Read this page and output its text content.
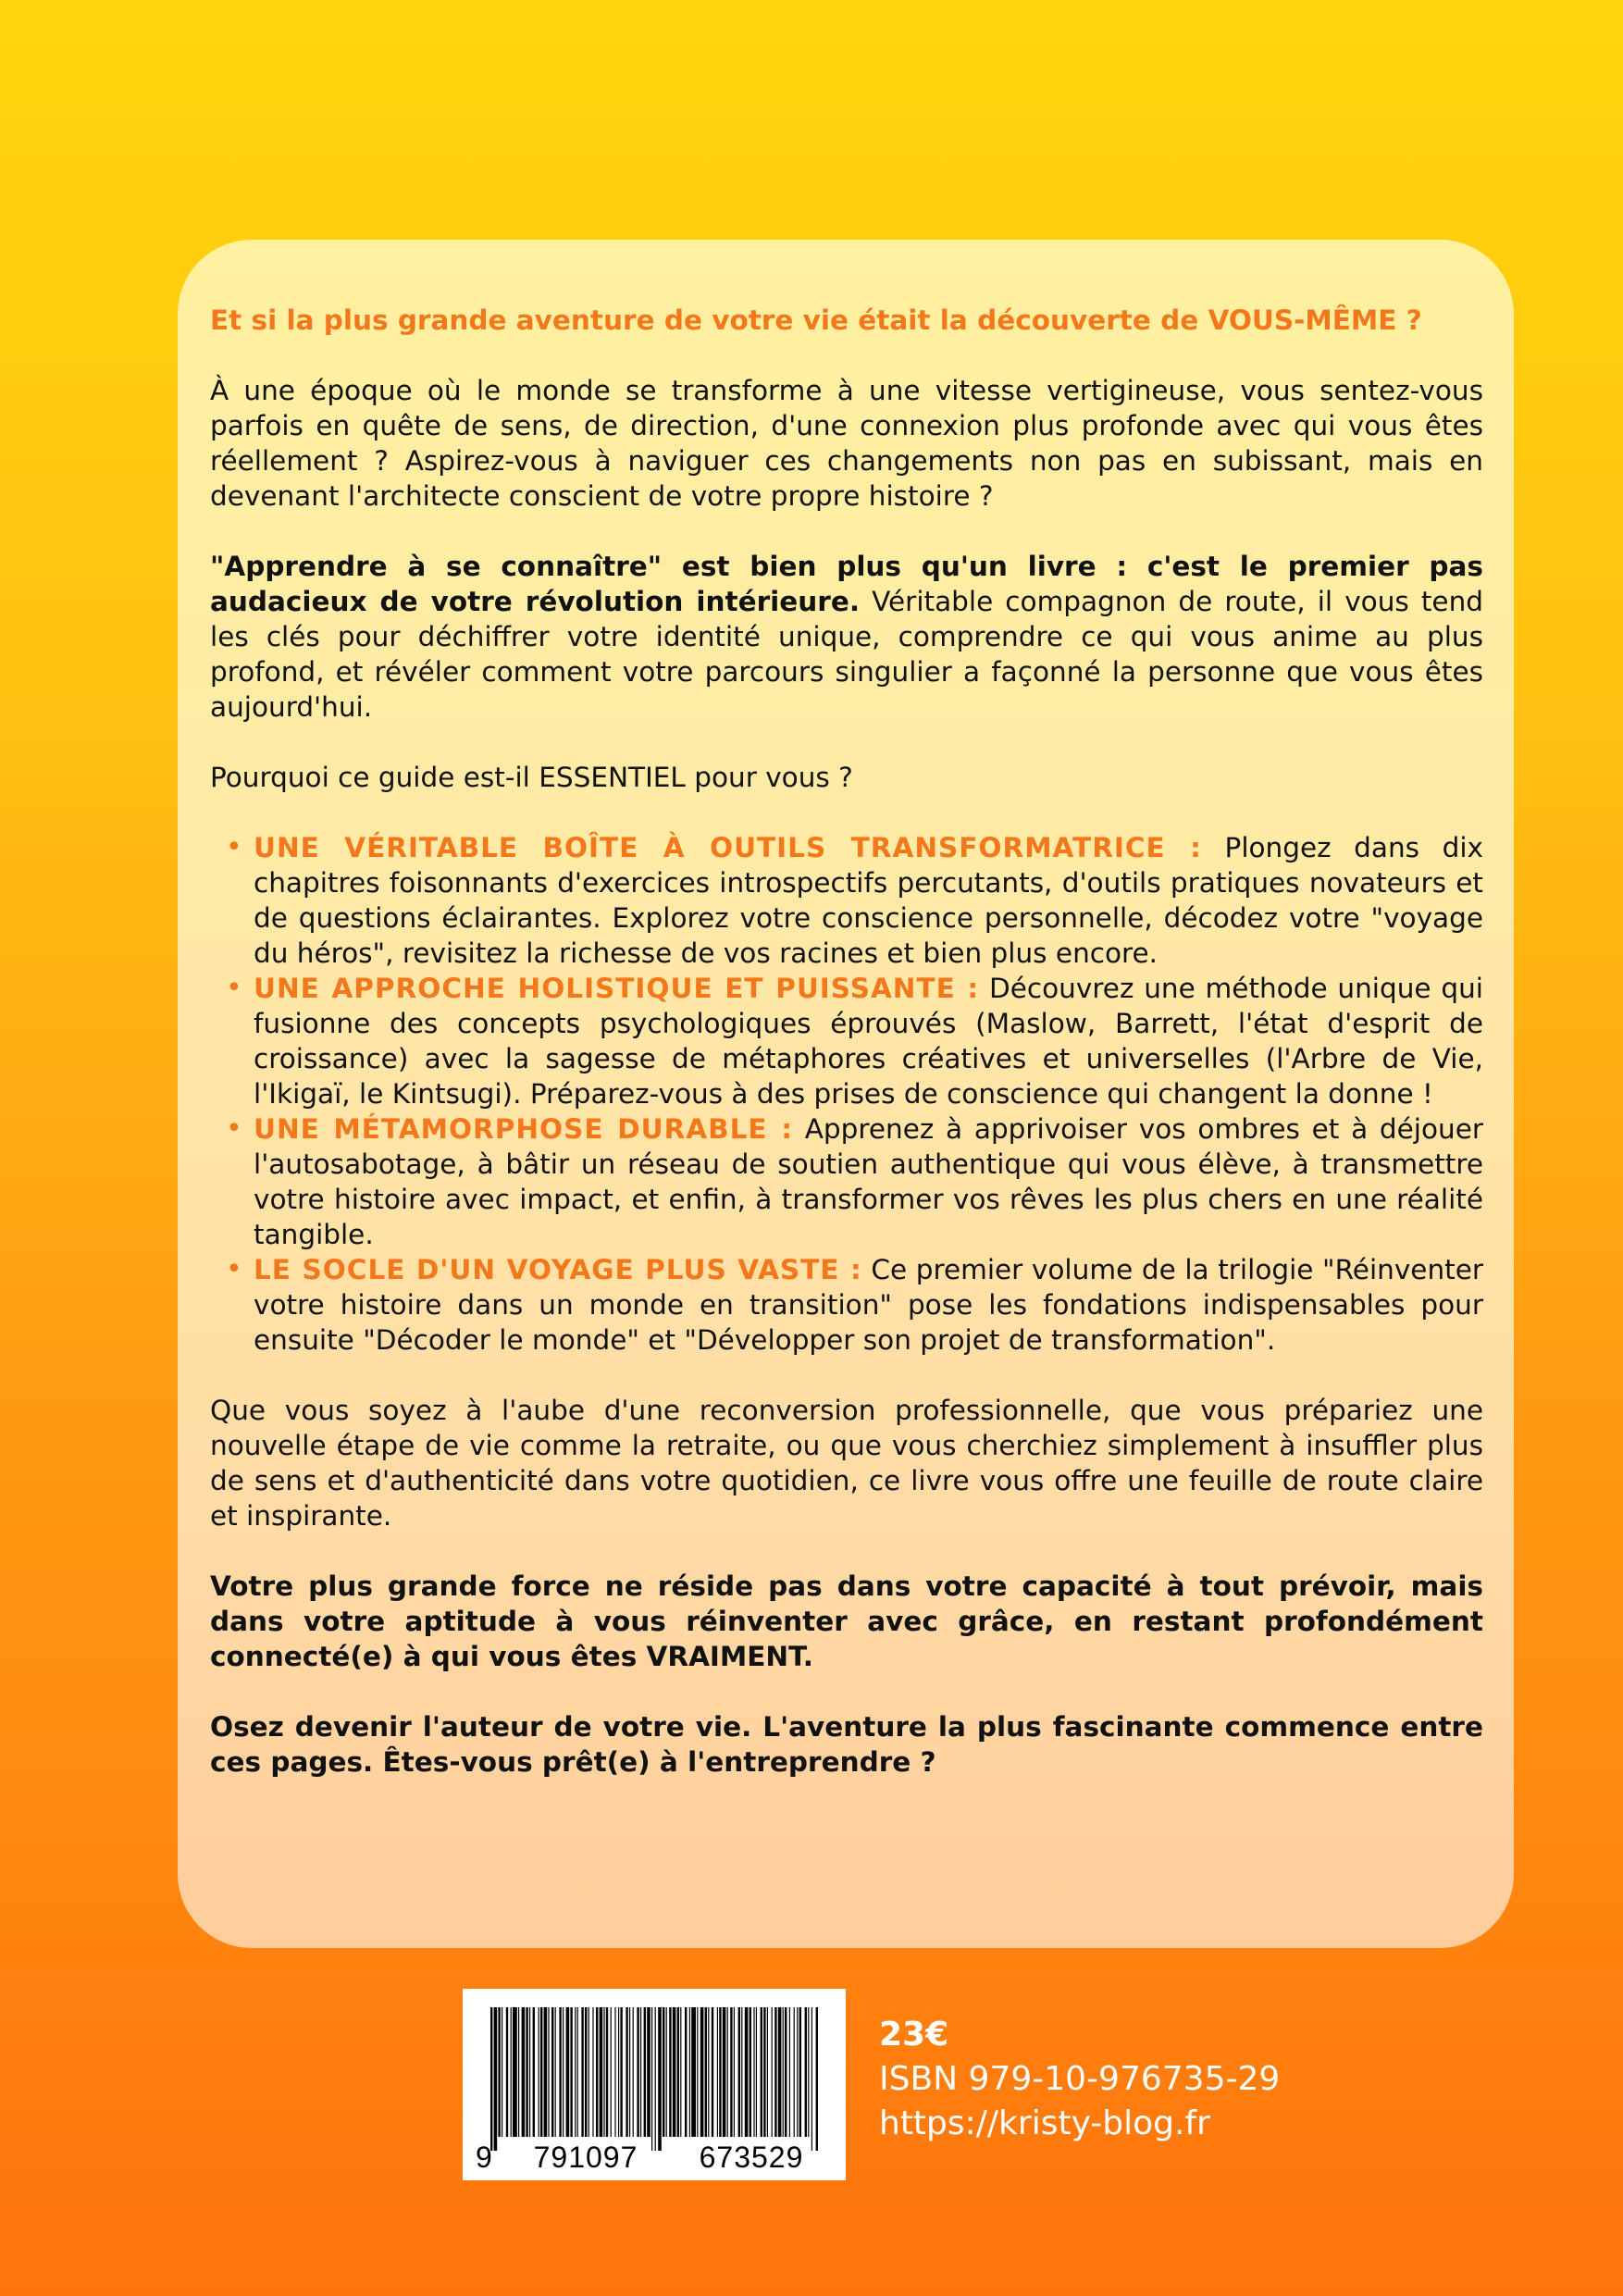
Et si la plus grande aventure de votre vie était la découverte de VOUS-MÊME ?

À une époque où le monde se transforme à une vitesse vertigineuse, vous sentez-vous parfois en quête de sens, de direction, d'une connexion plus profonde avec qui vous êtes réellement ? Aspirez-vous à naviguer ces changements non pas en subissant, mais en devenant l'architecte conscient de votre propre histoire ?

"Apprendre à se connaître" est bien plus qu'un livre : c'est le premier pas audacieux de votre révolution intérieure. Véritable compagnon de route, il vous tend les clés pour déchiffrer votre identité unique, comprendre ce qui vous anime au plus profond, et révéler comment votre parcours singulier a façonné la personne que vous êtes aujourd'hui.

Pourquoi ce guide est-il ESSENTIEL pour vous ?

• UNE VÉRITABLE BOÎTE À OUTILS TRANSFORMATRICE : Plongez dans dix chapitres foisonnants d'exercices introspectifs percutants, d'outils pratiques novateurs et de questions éclairantes. Explorez votre conscience personnelle, décodez votre "voyage du héros", revisitez la richesse de vos racines et bien plus encore.
• UNE APPROCHE HOLISTIQUE ET PUISSANTE : Découvrez une méthode unique qui fusionne des concepts psychologiques éprouvés (Maslow, Barrett, l'état d'esprit de croissance) avec la sagesse de métaphores créatives et universelles (l'Arbre de Vie, l'Ikigaï, le Kintsugi). Préparez-vous à des prises de conscience qui changent la donne !
• UNE MÉTAMORPHOSE DURABLE : Apprenez à apprivoiser vos ombres et à déjouer l'autosabotage, à bâtir un réseau de soutien authentique qui vous élève, à transmettre votre histoire avec impact, et enfin, à transformer vos rêves les plus chers en une réalité tangible.
• LE SOCLE D'UN VOYAGE PLUS VASTE : Ce premier volume de la trilogie "Réinventer votre histoire dans un monde en transition" pose les fondations indispensables pour ensuite "Décoder le monde" et "Développer son projet de transformation".

Que vous soyez à l'aube d'une reconversion professionnelle, que vous prépariez une nouvelle étape de vie comme la retraite, ou que vous cherchiez simplement à insuffler plus de sens et d'authenticité dans votre quotidien, ce livre vous offre une feuille de route claire et inspirante.

Votre plus grande force ne réside pas dans votre capacité à tout prévoir, mais dans votre aptitude à vous réinventer avec grâce, en restant profondément connecté(e) à qui vous êtes VRAIMENT.

Osez devenir l'auteur de votre vie. L'aventure la plus fascinante commence entre ces pages. Êtes-vous prêt(e) à l'entreprendre ?

9 791097 673529
23€
ISBN 979-10-976735-29
https://kristy-blog.fr
